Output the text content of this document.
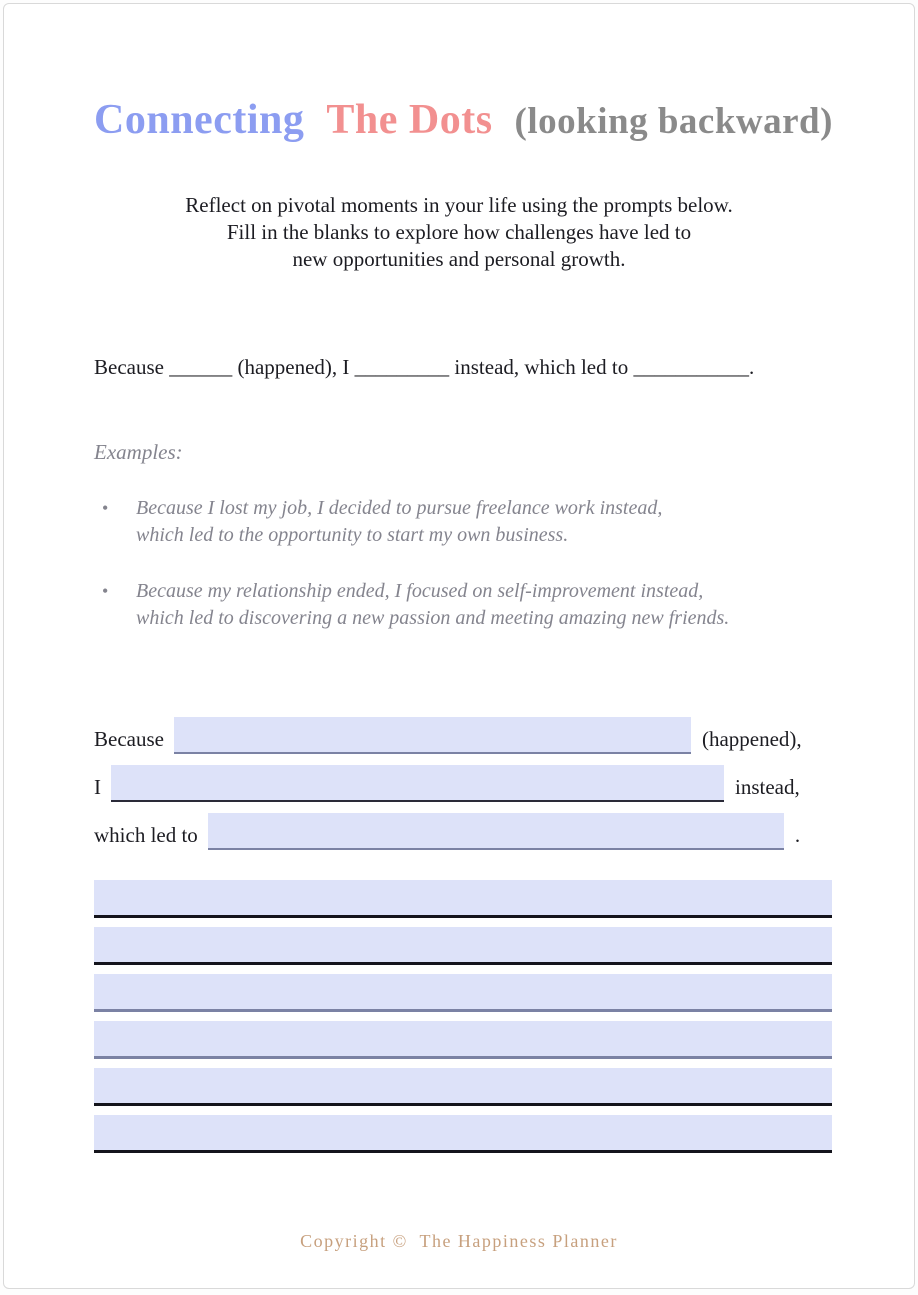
Connecting The Dots (looking backward)
Reflect on pivotal moments in your life using the prompts below.
Fill in the blanks to explore how challenges have led to
new opportunities and personal growth.
Because ______ (happened), I _________ instead, which led to ___________.
Examples:
•	Because I lost my job, I decided to pursue freelance work instead,
which led to the opportunity to start my own business.
•	Because my relationship ended, I focused on self-improvement instead,
which led to discovering a new passion and meeting amazing new friends.
Because	(happened),
I	instead,
which led to	.
Copyright ©  The Happiness Planner
